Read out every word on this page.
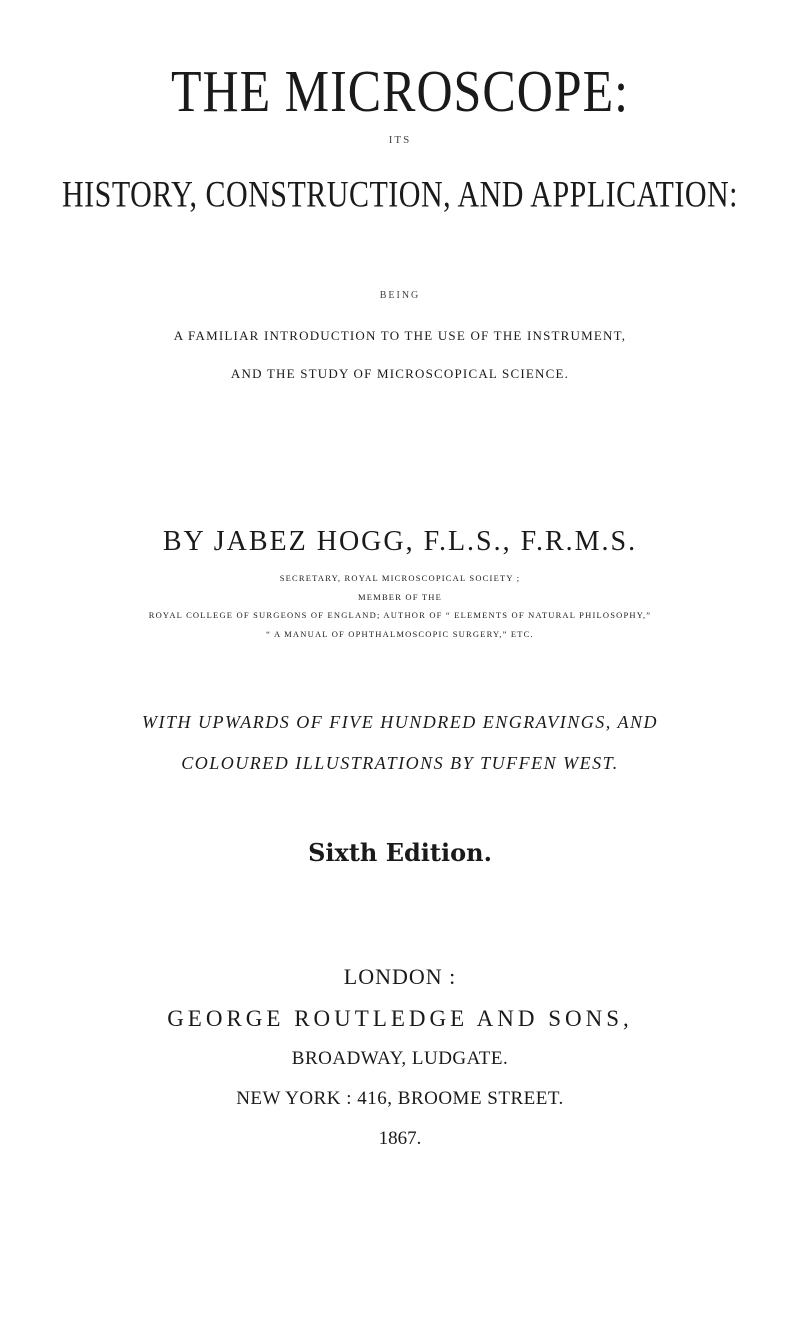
THE MICROSCOPE:
ITS
HISTORY, CONSTRUCTION, AND APPLICATION:
BEING
A FAMILIAR INTRODUCTION TO THE USE OF THE INSTRUMENT,
AND THE STUDY OF MICROSCOPICAL SCIENCE.
BY JABEZ HOGG, F.L.S., F.R.M.S.
SECRETARY, ROYAL MICROSCOPICAL SOCIETY ;
MEMBER OF THE
ROYAL COLLEGE OF SURGEONS OF ENGLAND; AUTHOR OF “ ELEMENTS OF NATURAL PHILOSOPHY,”
“ A MANUAL OF OPHTHALMOSCOPIC SURGERY,” ETC.
WITH UPWARDS OF FIVE HUNDRED ENGRAVINGS, AND
COLOURED ILLUSTRATIONS BY TUFFEN WEST.
Sixth Edition.
LONDON :
GEORGE ROUTLEDGE AND SONS,
BROADWAY, LUDGATE.
NEW YORK : 416, BROOME STREET.
1867.
